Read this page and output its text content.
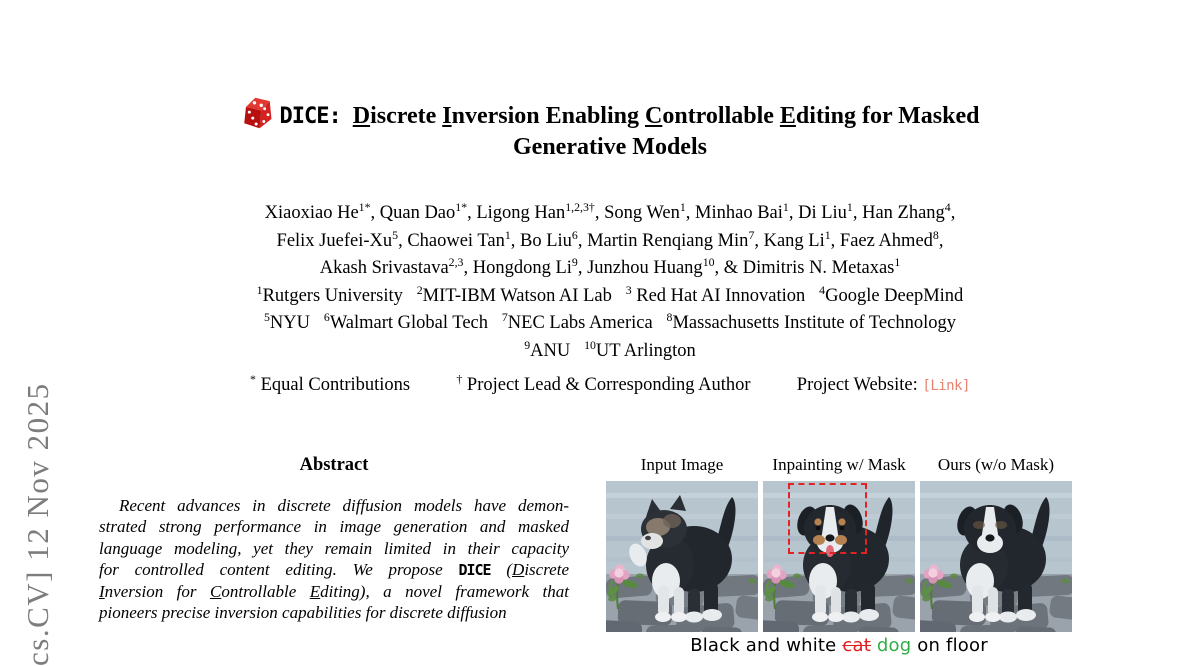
cs.CV] 12 Nov 2025
DICE: Discrete Inversion Enabling Controllable Editing for Masked
Generative Models
Xiaoxiao $He^{1*}$, Quan Dao$^{1*}$, Ligong Han$^{1,2,3\dagger}$, Song Wen$^1$, Minhao Bai$^1$, Di Liu$^1$, Han Zhang$^4$,
Felix Juefei-Xu$^5$, Chaowei Tan$^1$, Bo Liu$^6$, Martin Renqiang Min$^7$, Kang Li$^1$, Faez Ahmed$^8$,
Akash Srivastava$^{2,3}$, Hongdong Li$^9$, Junzhou Huang$^{10}$, & Dimitris N. Metaxas$^1$
$^1$Rutgers University   $^2$MIT-IBM Watson AI Lab   $^3$ Red Hat AI Innovation   $^4$Google DeepMind
$^5$NYU   $^6$Walmart Global Tech   $^7$NEC Labs America   $^8$Massachusetts Institute of Technology
$^9$ANU   $^{10}$UT Arlington
* Equal Contributions          † Project Lead & Corresponding Author          Project Website: [Link]
Abstract
Recent advances in discrete diffusion models have demon-
strated strong performance in image generation and masked
language modeling, yet they remain limited in their capacity
for controlled content editing. We propose DICE (Discrete
Inversion for Controllable Editing), a novel framework that
pioneers precise inversion capabilities for discrete diffusion
Input Image	Inpainting w/ Mask	Ours (w/o Mask)
Black and white cat dog on floor
